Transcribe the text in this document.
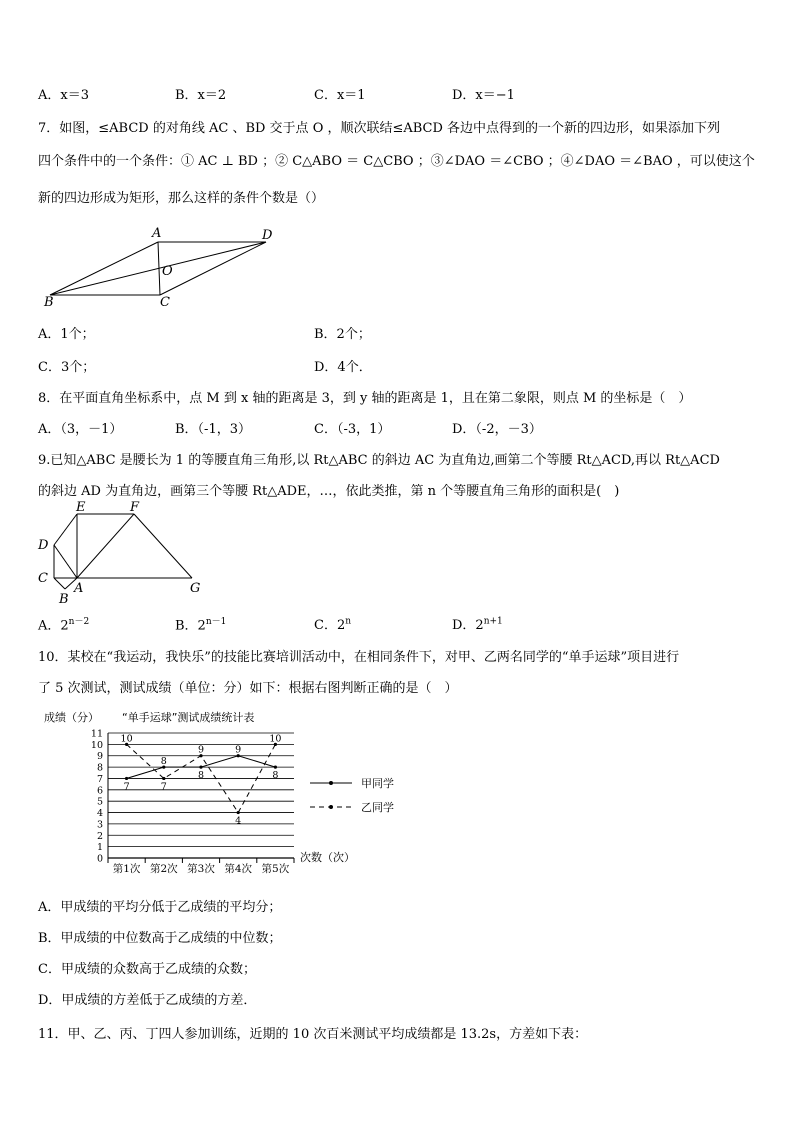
A．x＝3	B．x＝2	C．x＝1	D．x＝−1
7．如图，≤ABCD 的对角线 AC 、BD 交于点 O ，顺次联结≤ABCD 各边中点得到的一个新的四边形，如果添加下列
四个条件中的一个条件：① AC ⊥ BD ；② C△ABO ＝ C△CBO ；③∠DAO ＝∠CBO ；④∠DAO ＝∠BAO ，可以使这个
新的四边形成为矩形，那么这样的条件个数是（）
A	D
O
B	C
A．1个；	B．2个；
C．3个；	D．4个．
8．在平面直角坐标系中，点 M 到 x 轴的距离是 3，到 y 轴的距离是 1，且在第二象限，则点 M 的坐标是（　）
A．（3，－1）	B．（-1，3）	C．（-3，1）	D．（-2，－3）
9.已知△ABC 是腰长为 1 的等腰直角三角形,以 Rt△ABC 的斜边 AC 为直角边,画第二个等腰 Rt△ACD,再以 Rt△ACD
的斜边 AD 为直角边，画第三个等腰 Rt△ADE，…，依此类推，第 n 个等腰直角三角形的面积是(　)
E	F
D
C
A
B
G
A．$2^{n-2}$	B．$2^{n-1}$	C．2$^n$	D．$2^{n+1}$
10．某校在“我运动，我快乐”的技能比赛培训活动中，在相同条件下，对甲、乙两名同学的“单手运球”项目进行
了 5 次测试，测试成绩（单位：分）如下：根据右图判断正确的是（　）
成绩（分） “单手运球”测试成绩统计表
0
1
2
3
4
5
6
7
8
9
10
11
第1次 第2次 第3次 第4次 第5次
次数（次）
7
8
8
9
8
10
7
9
4
10
甲同学
乙同学
A．甲成绩的平均分低于乙成绩的平均分；
B．甲成绩的中位数高于乙成绩的中位数；
C．甲成绩的众数高于乙成绩的众数；
D．甲成绩的方差低于乙成绩的方差．
11．甲、乙、丙、丁四人参加训练，近期的 10 次百米测试平均成绩都是 13.2s，方差如下表：
